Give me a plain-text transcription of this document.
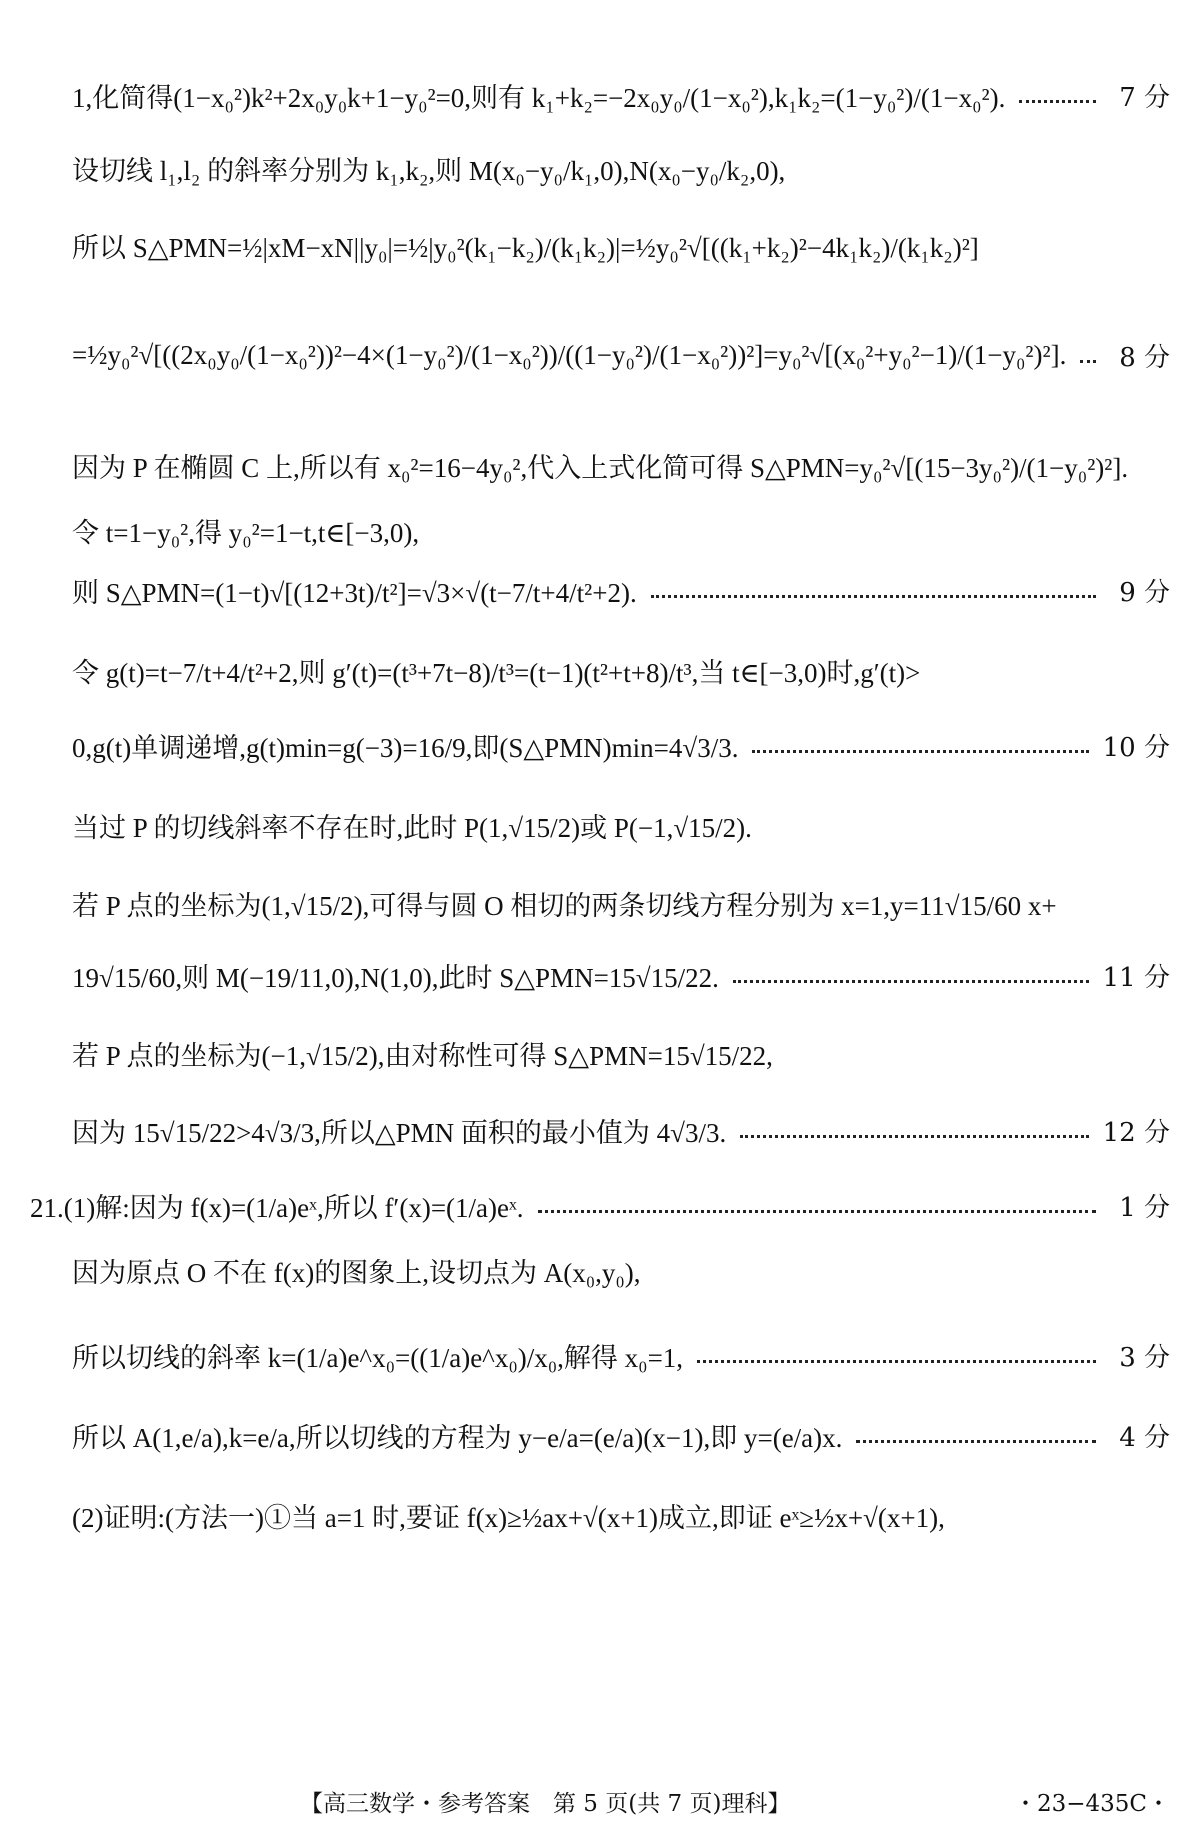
1,化简得(1−x₀²)k²+2x₀y₀k+1−y₀²=0,则有 k₁+k₂=−2x₀y₀/(1−x₀²),k₁k₂=(1−y₀²)/(1−x₀²).	7 分
设切线 l₁,l₂ 的斜率分别为 k₁,k₂,则 M(x₀−y₀/k₁,0),N(x₀−y₀/k₂,0),
所以 S△PMN=½|xM−xN||y₀|=½|y₀²(k₁−k₂)/(k₁k₂)|=½y₀²√[((k₁+k₂)²−4k₁k₂)/(k₁k₂)²]
=½y₀²√[((2x₀y₀/(1−x₀²))²−4×(1−y₀²)/(1−x₀²))/((1−y₀²)/(1−x₀²))²]=y₀²√[(x₀²+y₀²−1)/(1−y₀²)²].	8 分
因为 P 在椭圆 C 上,所以有 x₀²=16−4y₀²,代入上式化简可得 S△PMN=y₀²√[(15−3y₀²)/(1−y₀²)²].
令 t=1−y₀²,得 y₀²=1−t,t∈[−3,0),
则 S△PMN=(1−t)√[(12+3t)/t²]=√3×√(t−7/t+4/t²+2).	9 分
令 g(t)=t−7/t+4/t²+2,则 g′(t)=(t³+7t−8)/t³=(t−1)(t²+t+8)/t³,当 t∈[−3,0)时,g′(t)>
0,g(t)单调递增,g(t)min=g(−3)=16/9,即(S△PMN)min=4√3/3.	10 分
当过 P 的切线斜率不存在时,此时 P(1,√15/2)或 P(−1,√15/2).
若 P 点的坐标为(1,√15/2),可得与圆 O 相切的两条切线方程分别为 x=1,y=11√15/60 x+
19√15/60,则 M(−19/11,0),N(1,0),此时 S△PMN=15√15/22.	11 分
若 P 点的坐标为(−1,√15/2),由对称性可得 S△PMN=15√15/22,
因为 15√15/22>4√3/3,所以△PMN 面积的最小值为 4√3/3.	12 分
21.(1)解:因为 f(x)=(1/a)eˣ,所以 f′(x)=(1/a)eˣ.	1 分
因为原点 O 不在 f(x)的图象上,设切点为 A(x₀,y₀),
所以切线的斜率 k=(1/a)e^x₀=((1/a)e^x₀)/x₀,解得 x₀=1,	3 分
所以 A(1,e/a),k=e/a,所以切线的方程为 y−e/a=(e/a)(x−1),即 y=(e/a)x.	4 分
(2)证明:(方法一)①当 a=1 时,要证 f(x)≥½ax+√(x+1)成立,即证 eˣ≥½x+√(x+1),
【高三数学・参考答案　第 5 页(共 7 页)理科】	・23−435C・
